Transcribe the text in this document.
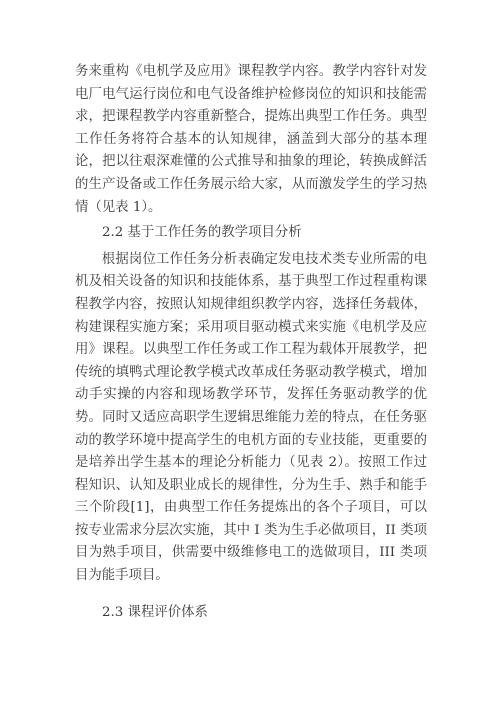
务来重构《电机学及应用》课程教学内容。教学内容针对发电厂电气运行岗位和电气设备维护检修岗位的知识和技能需求，把课程教学内容重新整合，提炼出典型工作任务。典型工作任务将符合基本的认知规律，涵盖到大部分的基本理论，把以往艰深难懂的公式推导和抽象的理论，转换成鲜活的生产设备或工作任务展示给大家，从而激发学生的学习热情（见表 1）。

2.2 基于工作任务的教学项目分析

根据岗位工作任务分析表确定发电技术类专业所需的电机及相关设备的知识和技能体系，基于典型工作过程重构课程教学内容，按照认知规律组织教学内容，选择任务载体，构建课程实施方案；采用项目驱动模式来实施《电机学及应用》课程。以典型工作任务或工作工程为载体开展教学，把传统的填鸭式理论教学模式改革成任务驱动教学模式，增加动手实操的内容和现场教学环节，发挥任务驱动教学的优势。同时又适应高职学生逻辑思维能力差的特点，在任务驱动的教学环境中提高学生的电机方面的专业技能，更重要的是培养出学生基本的理论分析能力（见表 2）。按照工作过程知识、认知及职业成长的规律性，分为生手、熟手和能手三个阶段[1]，由典型工作任务提炼出的各个子项目，可以按专业需求分层次实施，其中 I 类为生手必做项目，II 类项目为熟手项目，供需要中级维修电工的选做项目，III 类项目为能手项目。

2.3 课程评价体系
